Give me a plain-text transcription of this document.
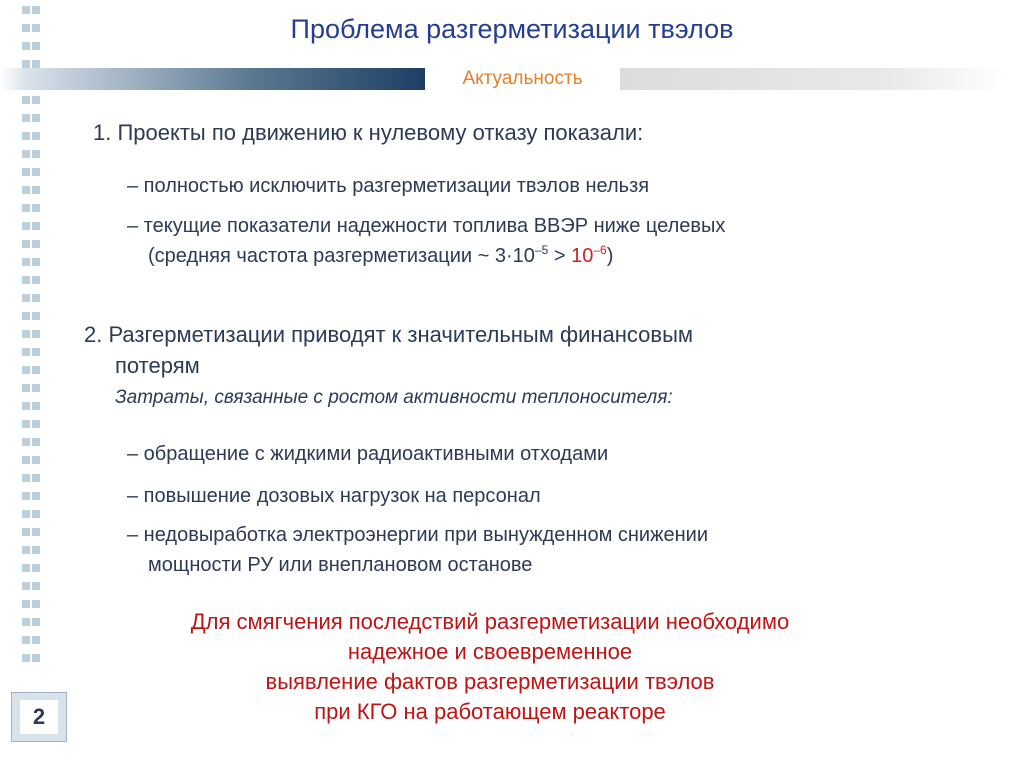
Проблема разгерметизации твэлов
Актуальность
1. Проекты по движению к нулевому отказу показали:
– полностью исключить разгерметизации твэлов нельзя
– текущие показатели надежности топлива ВВЭР ниже целевых
(средняя частота разгерметизации ~ $3\cdot 10^{-5} > 10^{-6}$)
2. Разгерметизации приводят к значительным финансовым
потерям
Затраты, связанные с ростом активности теплоносителя:
– обращение с жидкими радиоактивными отходами
– повышение дозовых нагрузок на персонал
– недовыработка электроэнергии при вынужденном снижении
мощности РУ или внеплановом останове
Для смягчения последствий разгерметизации необходимо
надежное и своевременное
выявление фактов разгерметизации твэлов
при КГО на работающем реакторе
2
